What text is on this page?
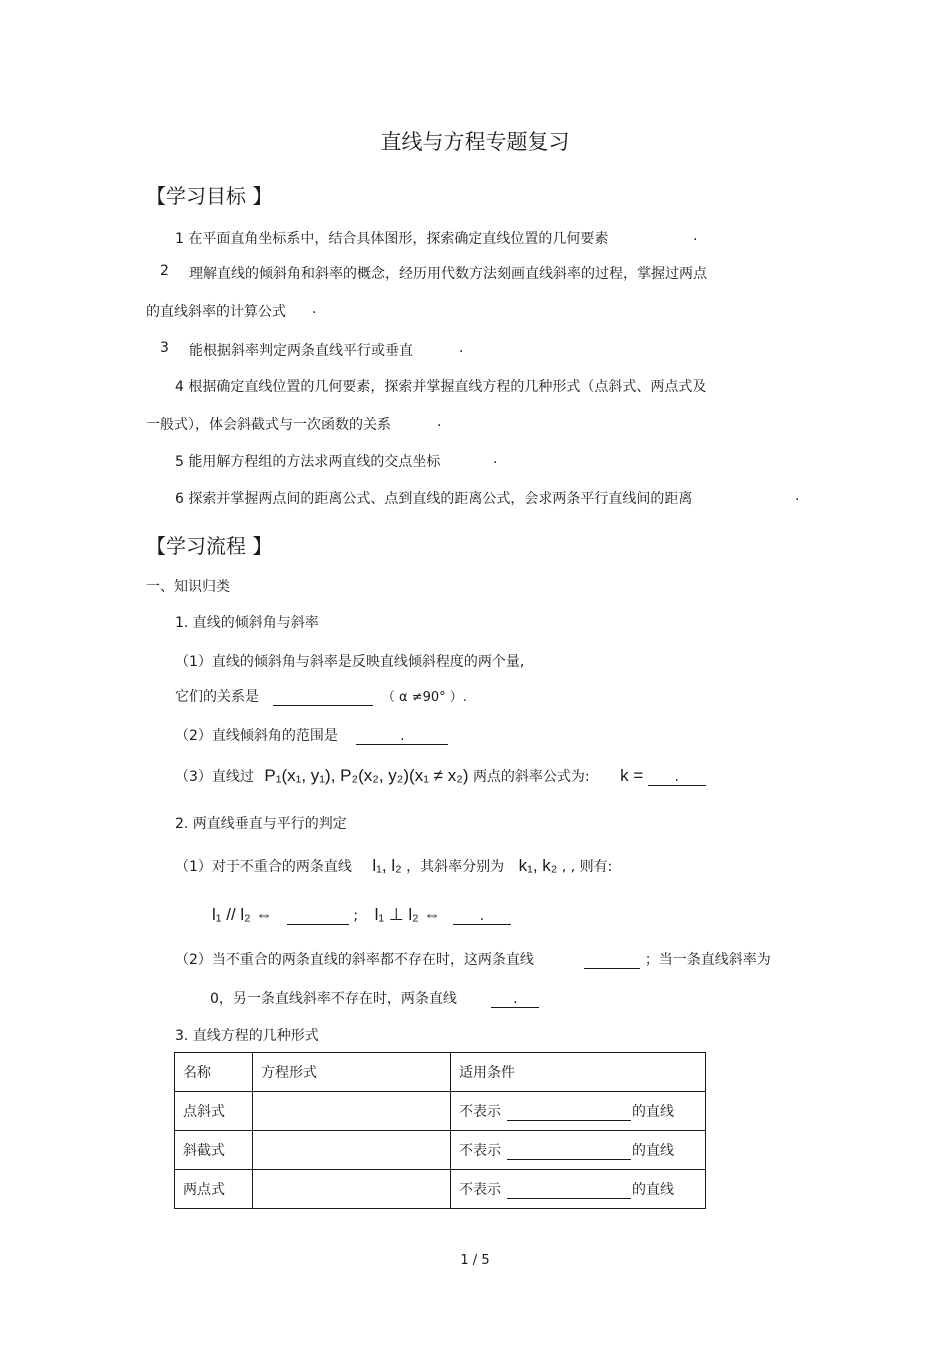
直线与方程专题复习
【学习目标 】
1 在平面直角坐标系中，结合具体图形，探索确定直线位置的几何要素	.
2 理解直线的倾斜角和斜率的概念，经历用代数方法刻画直线斜率的过程，掌握过两点
的直线斜率的计算公式 .
3 能根据斜率判定两条直线平行或垂直	.
4 根据确定直线位置的几何要素，探索并掌握直线方程的几种形式（点斜式、两点式及
一般式），体会斜截式与一次函数的关系	.
5 能用解方程组的方法求两直线的交点坐标	.
6 探索并掌握两点间的距离公式、点到直线的距离公式，会求两条平行直线间的距离	.
【学习流程 】
一、知识归类
1. 直线的倾斜角与斜率
（1）直线的倾斜角与斜率是反映直线倾斜程度的两个量,
它们的关系是	（ α ≠90° ）.
（2）直线倾斜角的范围是	.
（3）直线过 P₁(x₁, y₁), P₂(x₂, y₂)(x₁ ≠ x₂) 两点的斜率公式为: k = .
2. 两直线垂直与平行的判定
（1）对于不重合的两条直线 l₁, l₂ ，其斜率分别为 k₁, k₂ , , 则有:
l₁ // l₂ ⇔	; l₁ ⊥ l₂ ⇔	.
（2）当不重合的两条直线的斜率都不存在时，这两条直线	；当一条直线斜率为
0，另一条直线斜率不存在时，两条直线	.
3. 直线方程的几种形式
名称	方程形式	适用条件
点斜式		不表示 的直线
斜截式		不表示 的直线
两点式		不表示 的直线
1 / 5
